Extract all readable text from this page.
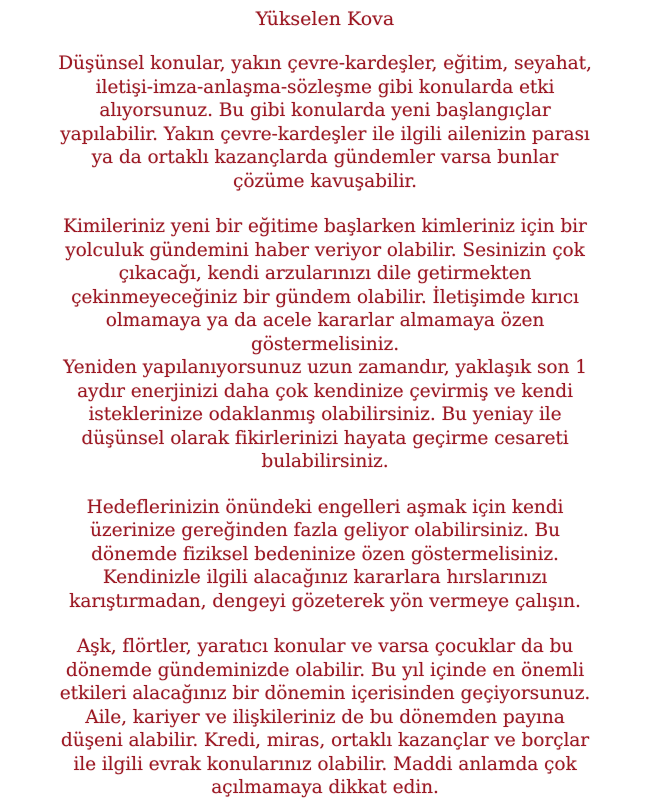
Yükselen Kova

Düşünsel konular, yakın çevre-kardeşler, eğitim, seyahat,
iletişi-imza-anlaşma-sözleşme gibi konularda etki
alıyorsunuz. Bu gibi konularda yeni başlangıçlar
yapılabilir. Yakın çevre-kardeşler ile ilgili ailenizin parası
ya da ortaklı kazançlarda gündemler varsa bunlar
çözüme kavuşabilir.

Kimileriniz yeni bir eğitime başlarken kimleriniz için bir
yolculuk gündemini haber veriyor olabilir. Sesinizin çok
çıkacağı, kendi arzularınızı dile getirmekten
çekinmeyeceğiniz bir gündem olabilir. İletişimde kırıcı
olmamaya ya da acele kararlar almamaya özen
göstermelisiniz.

Yeniden yapılanıyorsunuz uzun zamandır, yaklaşık son 1
aydır enerjinizi daha çok kendinize çevirmiş ve kendi
isteklerinize odaklanmış olabilirsiniz. Bu yeniay ile
düşünsel olarak fikirlerinizi hayata geçirme cesareti
bulabilirsiniz.

Hedeflerinizin önündeki engelleri aşmak için kendi
üzerinize gereğinden fazla geliyor olabilirsiniz. Bu
dönemde fiziksel bedeninize özen göstermelisiniz.
Kendinizle ilgili alacağınız kararlara hırslarınızı
karıştırmadan, dengeyi gözeterek yön vermeye çalışın.

Aşk, flörtler, yaratıcı konular ve varsa çocuklar da bu
dönemde gündeminizde olabilir. Bu yıl içinde en önemli
etkileri alacağınız bir dönemin içerisinden geçiyorsunuz.
Aile, kariyer ve ilişkileriniz de bu dönemden payına
düşeni alabilir. Kredi, miras, ortaklı kazançlar ve borçlar
ile ilgili evrak konularınız olabilir. Maddi anlamda çok
açılmamaya dikkat edin.
